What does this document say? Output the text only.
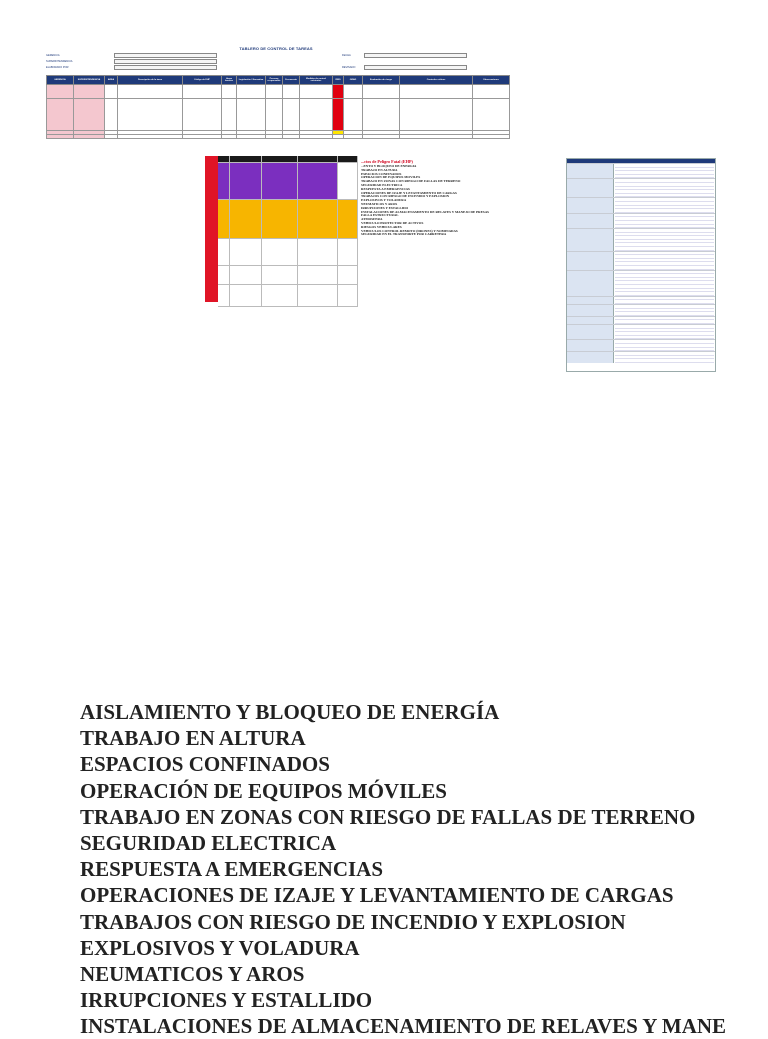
TABLERO DE CONTROL DE TAREAS
GERENCIA
SUPERINTENDENCIA
ELABORADO POR
FECHA
REVISADO
GERENCIA	SUPERINTENDENCIA	AREA	Descripción de la tarea	Código de EHP	Horas hombre	Legislación / Normativa	Persona responsable	Frecuencia	Medidas de control existentes	RIES	GRAD	Evaluación de riesgo	Controles críticos	Observaciones

...ctos de Peligro Fatal (EHP)
...ENTO Y BLOQUEO DE ENERGIA
TRABAJO EN ALTURA
ESPACIOS CONFINADOS
OPERACION DE EQUIPOS MOVILES
TRABAJO EN ZONAS CON RIESGO DE FALLAS DE TERRENO
SEGURIDAD ELECTRICA
RESPUESTA A EMERGENCIAS
OPERACIONES DE IZAJE Y LEVANTAMIENTO DE CARGAS
TRABAJOS CON RIESGO DE INCENDIO Y EXPLOSION
EXPLOSIVOS Y VOLADURA
NEUMATICOS Y AROS
IRRUPCIONES Y ESTALLIDO
INSTALACIONES DE ALMACENAMIENTO DE RELAVES Y MANEJO DE PRESAS
FALLA ESTRUCTURAL
ATMOSFERA
VEHICULO PROTECTOR DE ACTIVOS
RIESGOS VEHICULARES
VEHICULOS CONTROL REMOTO (DRONES) Y NOMINADAS
SEGURIDAD EN EL TRANSPORTE POR CARRETERA
AISLAMIENTO Y BLOQUEO DE ENERGÍA
TRABAJO EN ALTURA
ESPACIOS CONFINADOS
OPERACIÓN DE EQUIPOS MÓVILES
TRABAJO EN ZONAS CON RIESGO DE FALLAS DE TERRENO
SEGURIDAD ELECTRICA
RESPUESTA A EMERGENCIAS
OPERACIONES DE IZAJE Y LEVANTAMIENTO DE CARGAS
TRABAJOS CON RIESGO DE INCENDIO Y EXPLOSION
EXPLOSIVOS Y VOLADURA
NEUMATICOS Y AROS
IRRUPCIONES Y ESTALLIDO
INSTALACIONES DE ALMACENAMIENTO DE RELAVES Y MANE
